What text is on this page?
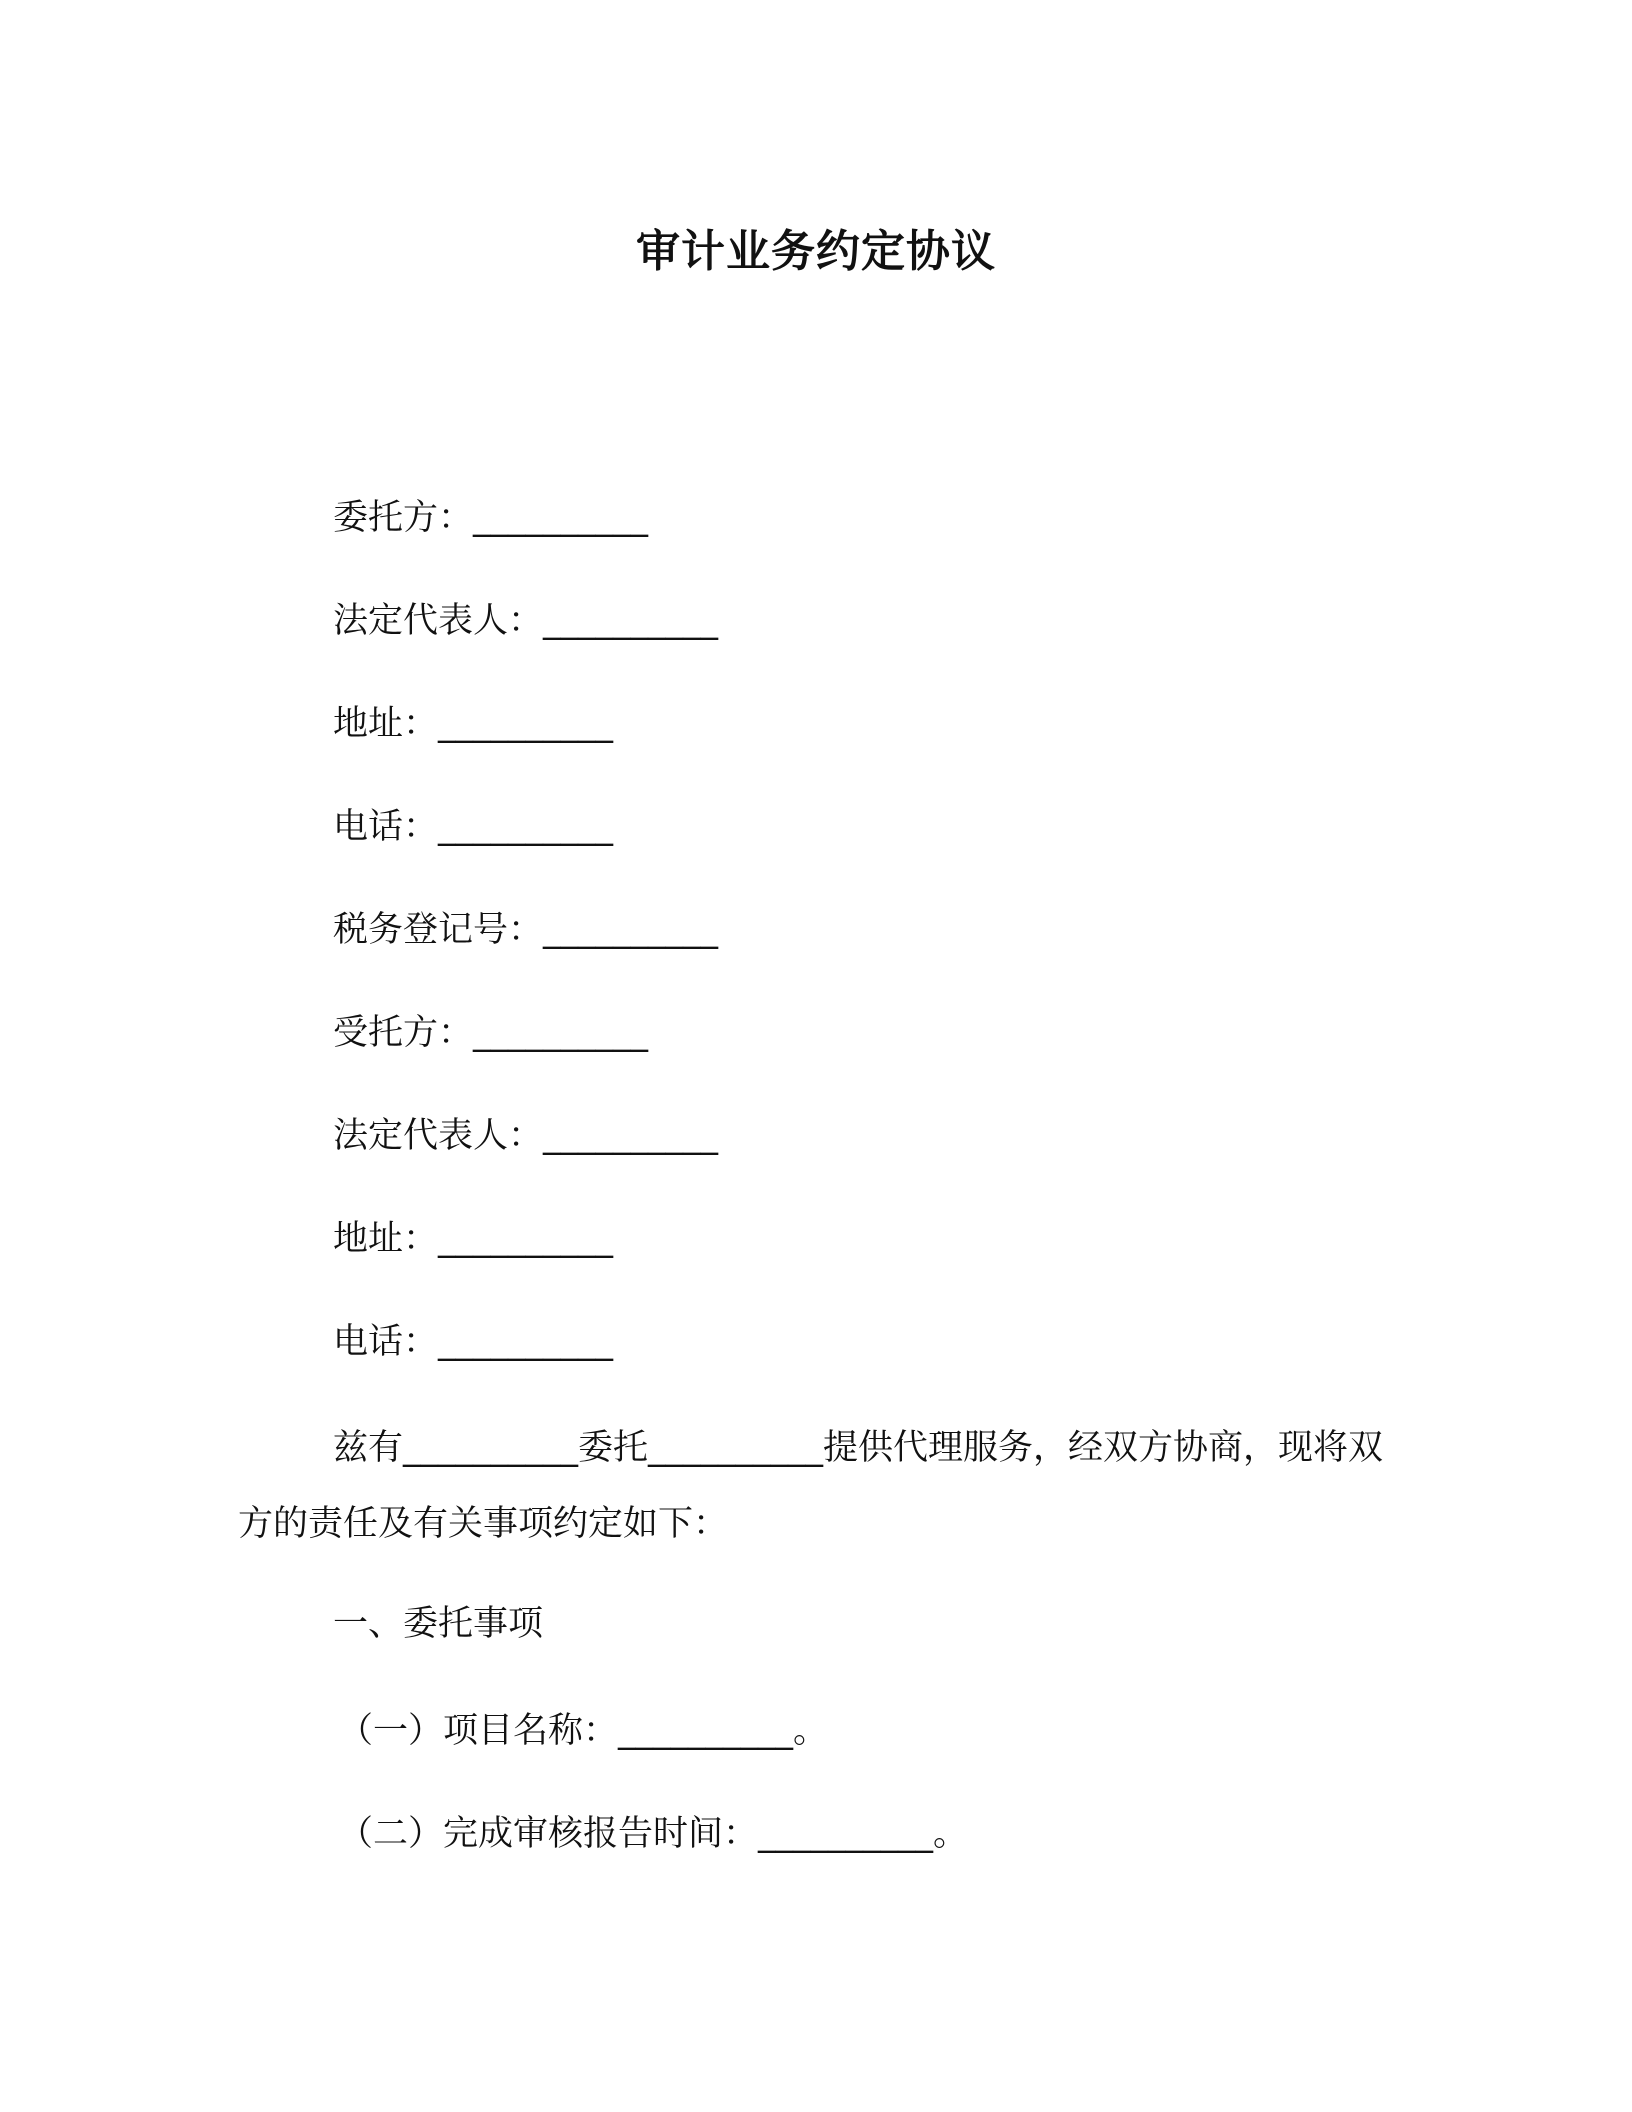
审计业务约定协议
委托方：__________
法定代表人：__________
地址：__________
电话：__________
税务登记号：__________
受托方：__________
法定代表人：__________
地址：__________
电话：__________
兹有__________委托__________提供代理服务，经双方协商，现将双方的责任及有关事项约定如下：
一、委托事项
（一）项目名称：__________。
（二）完成审核报告时间：__________。
